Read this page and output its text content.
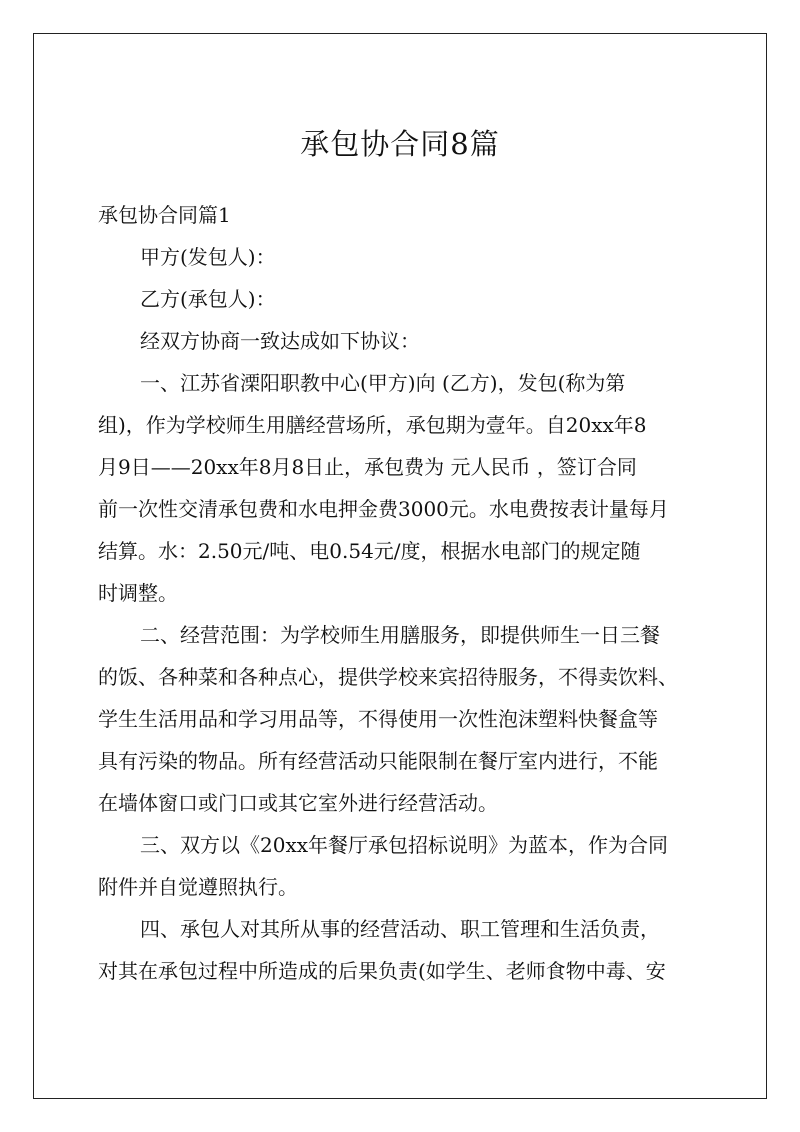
承包协合同8篇

承包协合同篇1

甲方(发包人)：

乙方(承包人)：

经双方协商一致达成如下协议：

一、江苏省溧阳职教中心(甲方)向 (乙方)，发包(称为第

组)，作为学校师生用膳经营场所，承包期为壹年。自20xx年8

月9日——20xx年8月8日止，承包费为 元人民币 ，签订合同

前一次性交清承包费和水电押金费3000元。水电费按表计量每月

结算。水：2.50元/吨、电0.54元/度，根据水电部门的规定随

时调整。

二、经营范围：为学校师生用膳服务，即提供师生一日三餐

的饭、各种菜和各种点心，提供学校来宾招待服务，不得卖饮料、

学生生活用品和学习用品等，不得使用一次性泡沫塑料快餐盒等

具有污染的物品。所有经营活动只能限制在餐厅室内进行，不能

在墙体窗口或门口或其它室外进行经营活动。

三、双方以《20xx年餐厅承包招标说明》为蓝本，作为合同

附件并自觉遵照执行。

四、承包人对其所从事的经营活动、职工管理和生活负责，

对其在承包过程中所造成的后果负责(如学生、老师食物中毒、安
